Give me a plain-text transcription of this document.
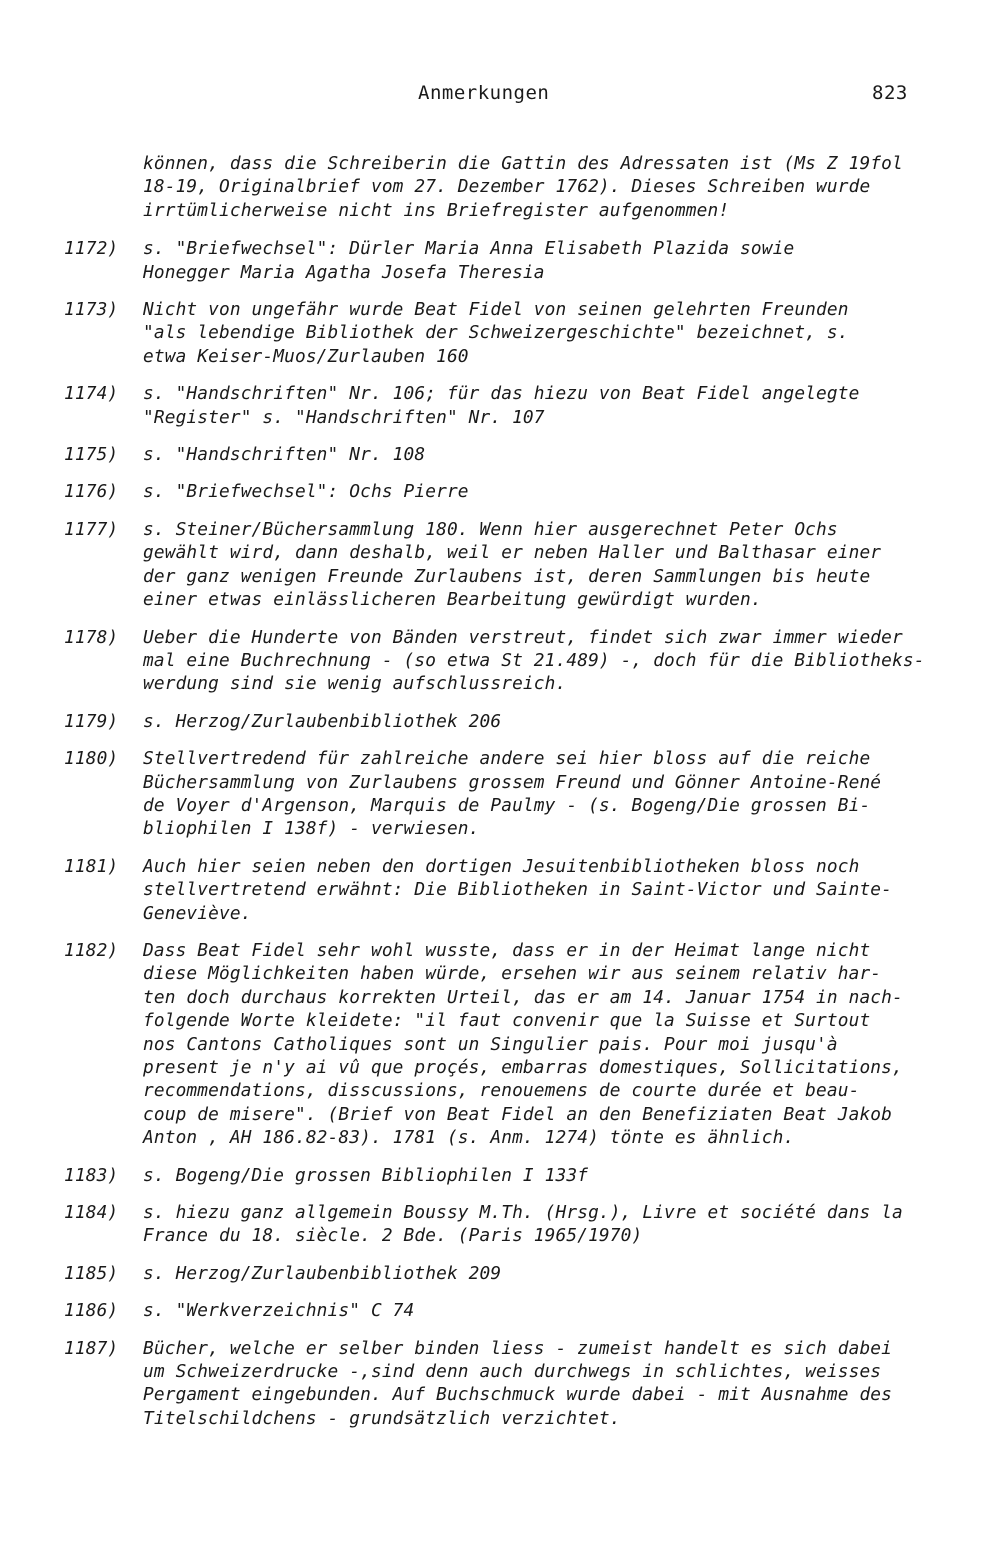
Anmerkungen	823
können, dass die Schreiberin die Gattin des Adressaten ist (Ms Z 19fol
18-19, Originalbrief vom 27. Dezember 1762). Dieses Schreiben wurde
irrtümlicherweise nicht ins Briefregister aufgenommen!
1172)	s. "Briefwechsel": Dürler Maria Anna Elisabeth Plazida sowie
Honegger Maria Agatha Josefa Theresia
1173)	Nicht von ungefähr wurde Beat Fidel von seinen gelehrten Freunden
"als lebendige Bibliothek der Schweizergeschichte" bezeichnet, s.
etwa Keiser-Muos/Zurlauben 160
1174)	s. "Handschriften" Nr. 106; für das hiezu von Beat Fidel angelegte
"Register" s. "Handschriften" Nr. 107
1175)	s. "Handschriften" Nr. 108
1176)	s. "Briefwechsel": Ochs Pierre
1177)	s. Steiner/Büchersammlung 180. Wenn hier ausgerechnet Peter Ochs
gewählt wird, dann deshalb, weil er neben Haller und Balthasar einer
der ganz wenigen Freunde Zurlaubens ist, deren Sammlungen bis heute
einer etwas einlässlicheren Bearbeitung gewürdigt wurden.
1178)	Ueber die Hunderte von Bänden verstreut, findet sich zwar immer wieder
mal eine Buchrechnung - (so etwa St 21.489) -, doch für die Bibliotheks-
werdung sind sie wenig aufschlussreich.
1179)	s. Herzog/Zurlaubenbibliothek 206
1180)	Stellvertredend für zahlreiche andere sei hier bloss auf die reiche
Büchersammlung von Zurlaubens grossem Freund und Gönner Antoine-René
de Voyer d'Argenson, Marquis de Paulmy - (s. Bogeng/Die grossen Bi-
bliophilen I 138f) - verwiesen.
1181)	Auch hier seien neben den dortigen Jesuitenbibliotheken bloss noch
stellvertretend erwähnt: Die Bibliotheken in Saint-Victor und Sainte-
Geneviève.
1182)	Dass Beat Fidel sehr wohl wusste, dass er in der Heimat lange nicht
diese Möglichkeiten haben würde, ersehen wir aus seinem relativ har-
ten doch durchaus korrekten Urteil, das er am 14. Januar 1754 in nach-
folgende Worte kleidete: "il faut convenir que la Suisse et Surtout
nos Cantons Catholiques sont un Singulier pais. Pour moi jusqu'à
present je n'y ai vû que proçés, embarras domestiques, Sollicitations,
recommendations, disscussions, renouemens de courte durée et beau-
coup de misere". (Brief von Beat Fidel an den Benefiziaten Beat Jakob
Anton , AH 186.82-83). 1781 (s. Anm. 1274) tönte es ähnlich.
1183)	s. Bogeng/Die grossen Bibliophilen I 133f
1184)	s. hiezu ganz allgemein Boussy M.Th. (Hrsg.), Livre et société dans la
France du 18. siècle. 2 Bde. (Paris 1965/1970)
1185)	s. Herzog/Zurlaubenbibliothek 209
1186)	s. "Werkverzeichnis" C 74
1187)	Bücher, welche er selber binden liess - zumeist handelt es sich dabei
um Schweizerdrucke -,sind denn auch durchwegs in schlichtes, weisses
Pergament eingebunden. Auf Buchschmuck wurde dabei - mit Ausnahme des
Titelschildchens - grundsätzlich verzichtet.
